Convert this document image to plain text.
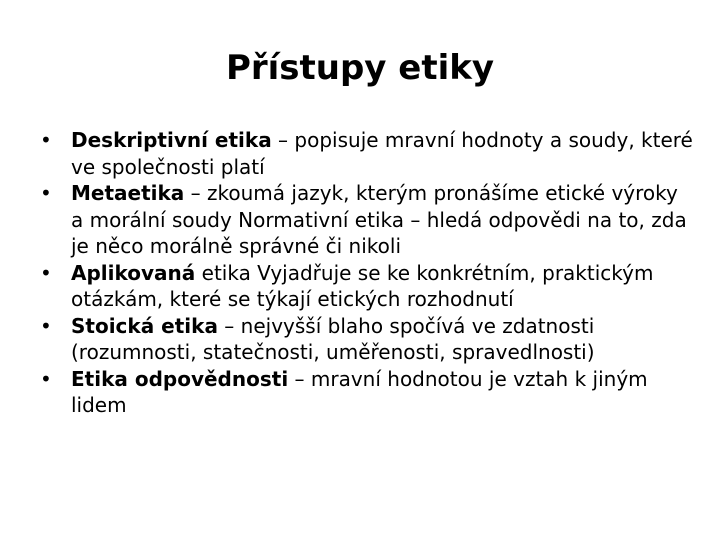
Přístupy etiky
• Deskriptivní etika – popisuje mravní hodnoty a soudy, které ve společnosti platí
• Metaetika – zkoumá jazyk, kterým pronášíme etické výroky a morální soudy Normativní etika – hledá odpovědi na to, zda je něco morálně správné či nikoli
• Aplikovaná etika Vyjadřuje se ke konkrétním, praktickým otázkám, které se týkají etických rozhodnutí
• Stoická etika – nejvyšší blaho spočívá ve zdatnosti (rozumnosti, statečnosti, uměřenosti, spravedlnosti)
• Etika odpovědnosti – mravní hodnotou je vztah k jiným lidem
